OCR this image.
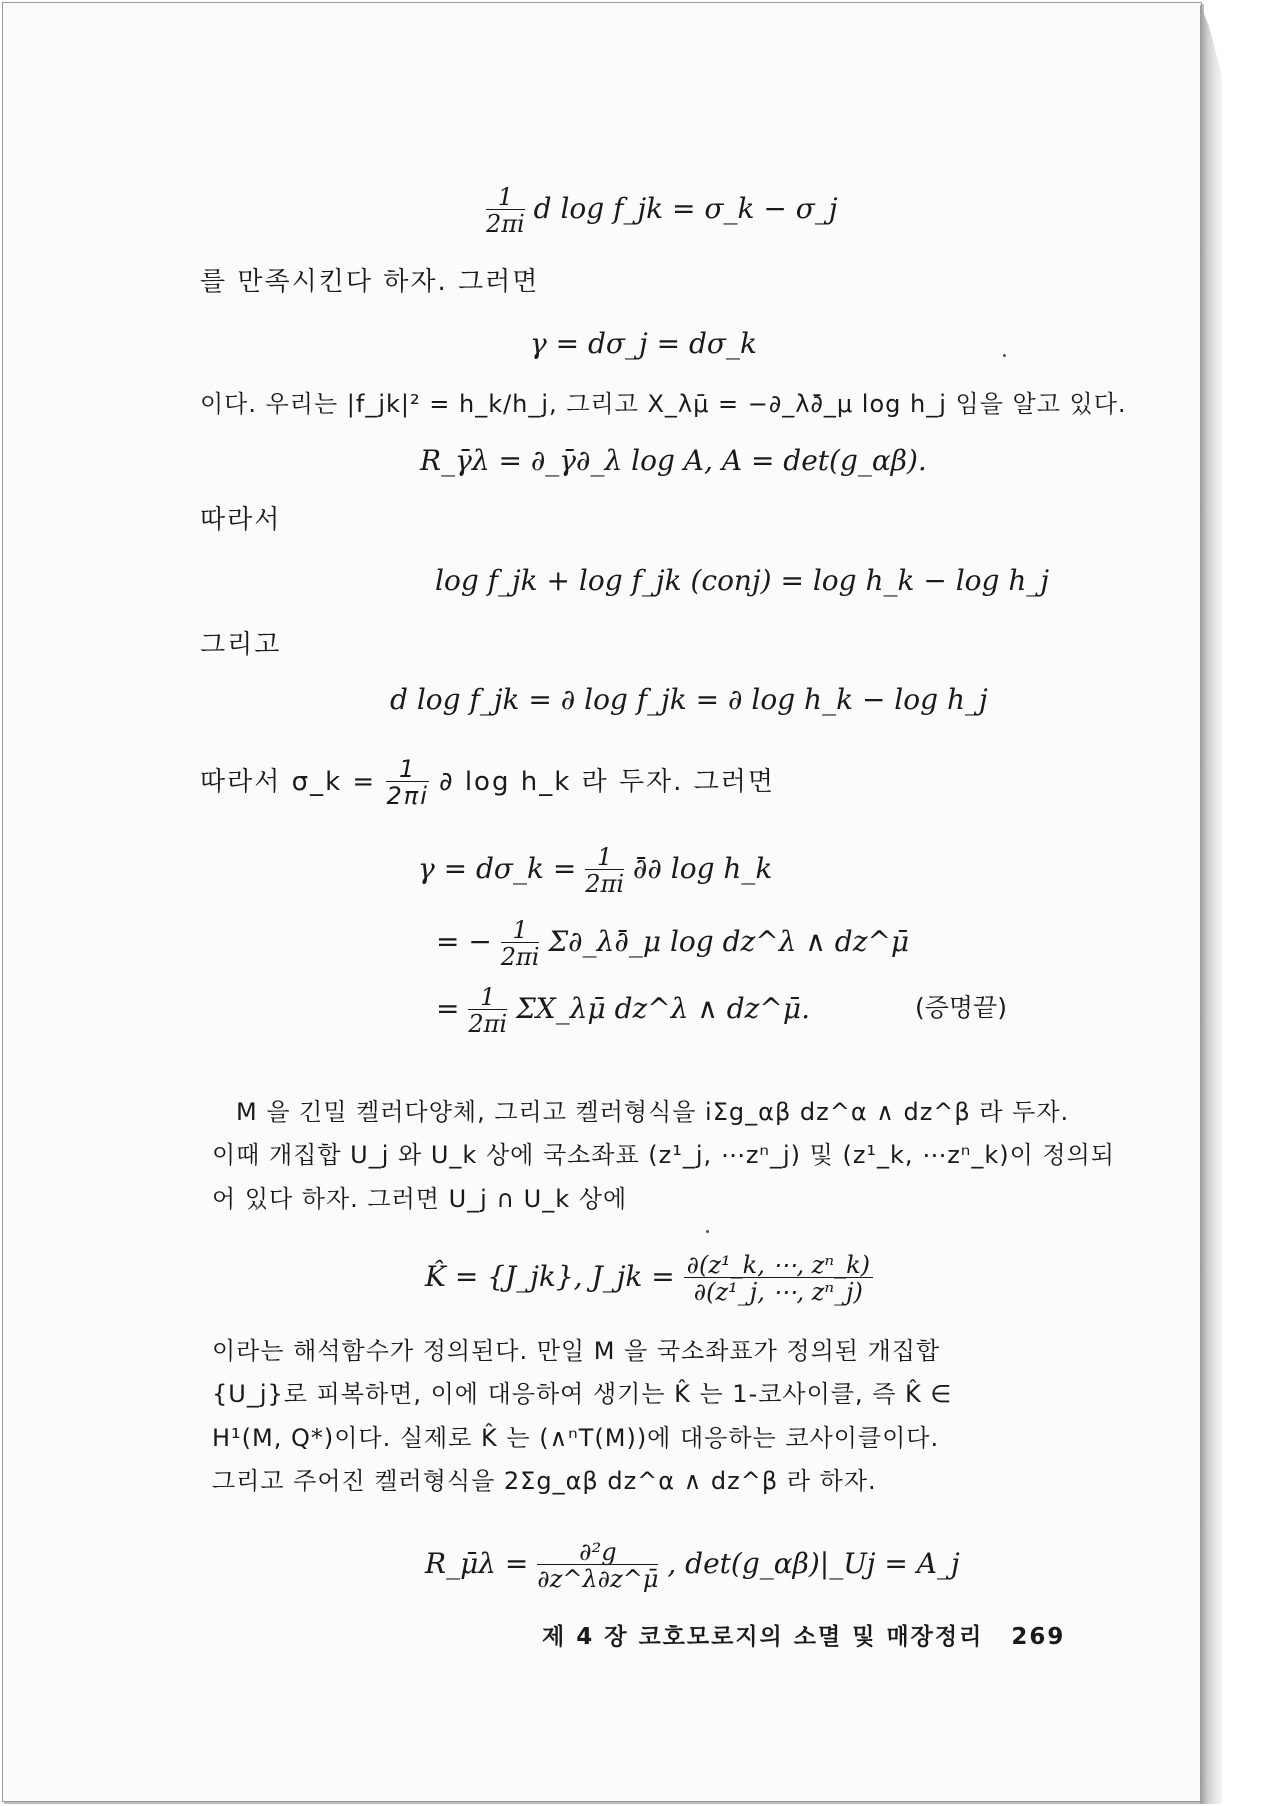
$\frac{1}{2\pi i}$ d log f_jk = σ_k − σ_j
를 만족시킨다 하자. 그러면
γ = dσ_j = dσ_k
이다. 우리는 |f_jk|² = h_k/h_j, 그리고 X_λμ̄ = −∂_λ∂̄_μ log h_j 임을 알고 있다.
R_γ̄λ = ∂_γ̄∂_λ log A, A = det(g_αβ).
따라서
log f_jk + log f_jk (conj) = log h_k − log h_j
그리고
d log f_jk = ∂ log f_jk = ∂ log h_k − log h_j
따라서 σ_k = $\frac{1}{2\pi i}$ ∂ log h_k 라 두자. 그러면
γ = dσ_k = $\frac{1}{2\pi i}$ ∂̄∂ log h_k
= − $\frac{1}{2\pi i}$ Σ∂_λ∂̄_μ log dz^λ ∧ dz^μ̄
= $\frac{1}{2\pi i}$ ΣX_λμ̄ dz^λ ∧ dz^μ̄.	(증명끝)
M 을 긴밀 켈러다양체, 그리고 켈러형식을 iΣg_αβ dz^α ∧ dz^β 라 두자.
이때 개집합 U_j 와 U_k 상에 국소좌표 (z¹_j, ⋯zⁿ_j) 및 (z¹_k, ⋯zⁿ_k)이 정의되
어 있다 하자. 그러면 U_j ∩ U_k 상에
K̂ = {J_jk}, J_jk = $\frac{\text{∂(z¹\_k, ⋯, zⁿ\_k)}}{\text{∂(z¹\_j, ⋯, zⁿ\_j)}}$
이라는 해석함수가 정의된다. 만일 M 을 국소좌표가 정의된 개집합
{U_j}로 피복하면, 이에 대응하여 생기는 K̂ 는 1-코사이클, 즉 K̂ ∈
H¹(M, Q*)이다. 실제로 K̂ 는 (∧ⁿT(M))에 대응하는 코사이클이다.
그리고 주어진 켈러형식을 2Σg_αβ dz^α ∧ dz^β 라 하자.
R_μ̄λ = $\frac{\text{∂²g}}{\partial z\^{}\lambda\partial z\^{}\mū}$ , det(g_αβ)|_Uj = A_j
제 4 장 코호모로지의 소멸 및 매장정리 269
